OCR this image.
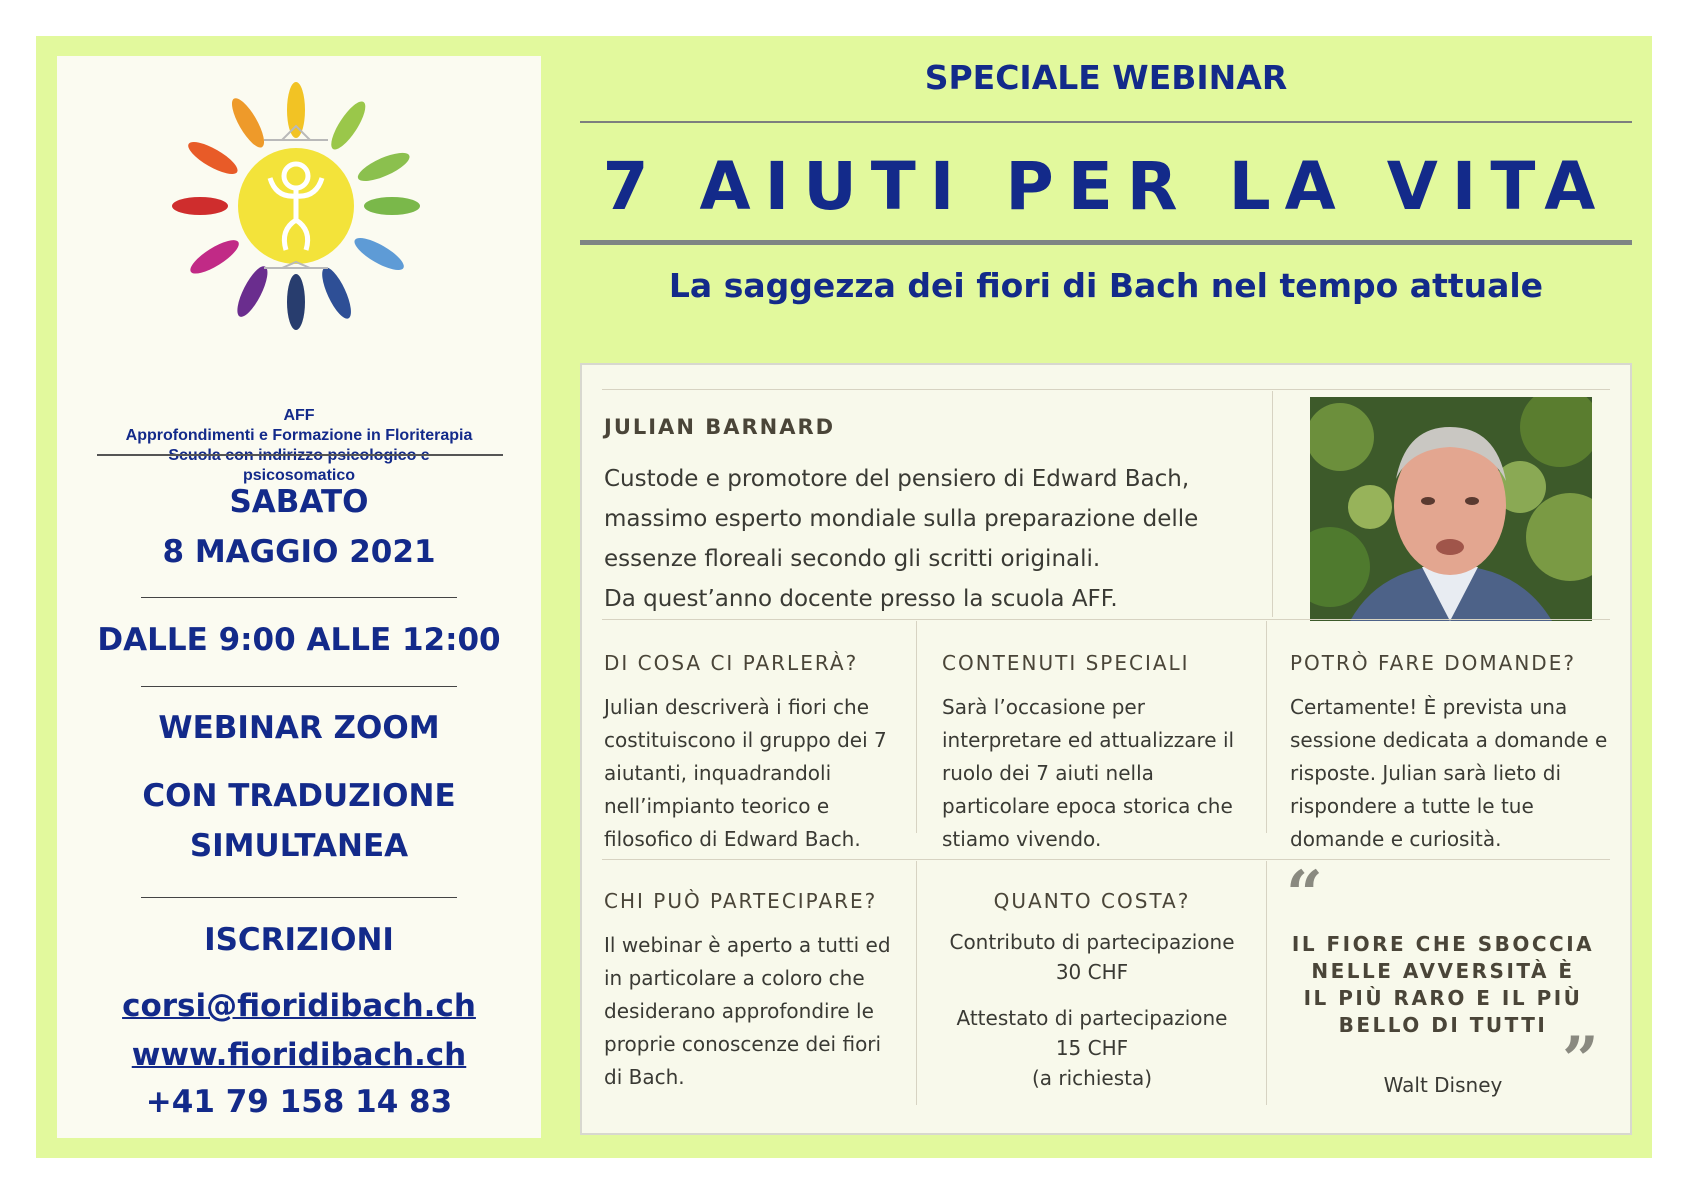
AFF
Approfondimenti e Formazione in Floriterapia
Scuola con indirizzo psicologico e
psicosomatico
SABATO
8 MAGGIO 2021
DALLE 9:00 ALLE 12:00
WEBINAR ZOOM
CON TRADUZIONE
SIMULTANEA
ISCRIZIONI
corsi@fioridibach.ch
www.fioridibach.ch
+41 79 158 14 83
SPECIALE WEBINAR
7 AIUTI PER LA VITA
La saggezza dei fiori di Bach nel tempo attuale
JULIAN BARNARD

Custode e promotore del pensiero di Edward Bach,

massimo esperto mondiale sulla preparazione delle

essenze floreali secondo gli scritti originali.

Da quest’anno docente presso la scuola AFF.

DI COSA CI PARLERÀ?

Julian descriverà i fiori che

costituiscono il gruppo dei 7

aiutanti, inquadrandoli

nell’impianto teorico e

filosofico di Edward Bach.

CONTENUTI SPECIALI

Sarà l’occasione per

interpretare ed attualizzare il

ruolo dei 7 aiuti nella

particolare epoca storica che

stiamo vivendo.

POTRÒ FARE DOMANDE?

Certamente! È prevista una

sessione dedicata a domande e

risposte. Julian sarà lieto di

rispondere a tutte le tue

domande e curiosità.

CHI PUÒ PARTECIPARE?

Il webinar è aperto a tutti ed

in particolare a coloro che

desiderano approfondire le

proprie conoscenze dei fiori

di Bach.

QUANTO COSTA?

Contributo di partecipazione

30 CHF

Attestato di partecipazione

15 CHF

(a richiesta)

“
IL FIORE CHE SBOCCIA
NELLE AVVERSITÀ È
IL PIÙ RARO E IL PIÙ
BELLO DI TUTTI ”
Walt Disney
